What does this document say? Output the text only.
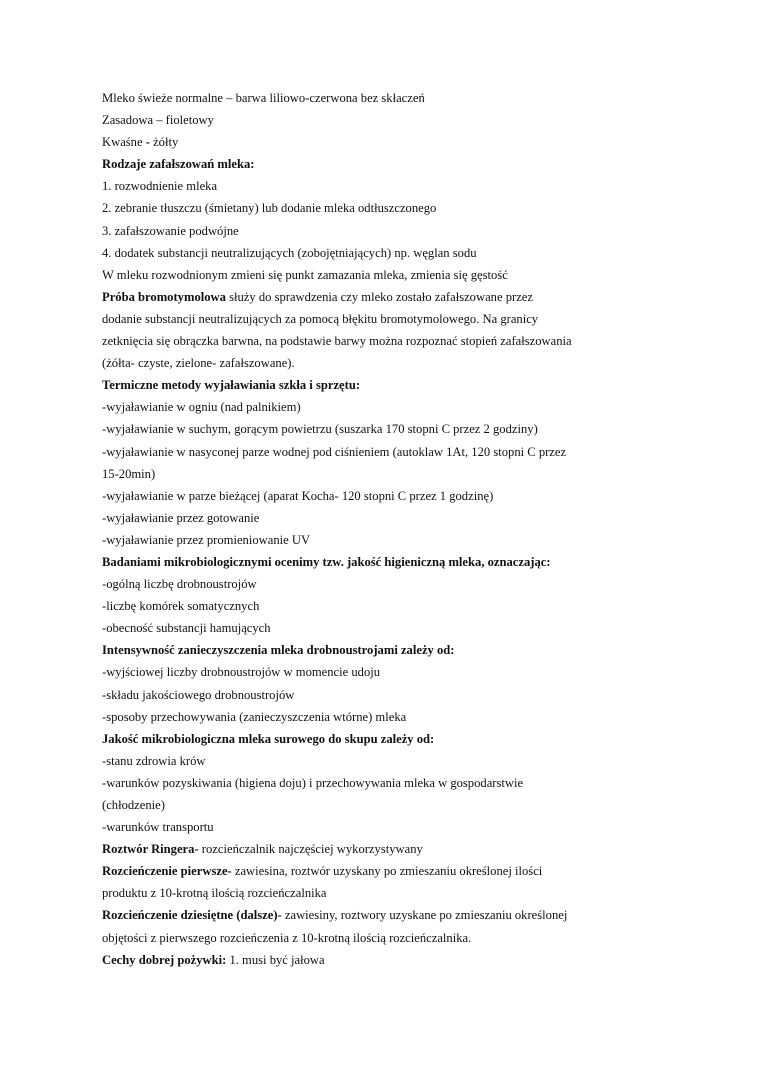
Mleko świeże normalne – barwa liliowo-czerwona bez skłaczeń
Zasadowa – fioletowy
Kwaśne - żółty
Rodzaje zafałszowań mleka:
1. rozwodnienie mleka
2. zebranie tłuszczu (śmietany) lub dodanie mleka odtłuszczonego
3. zafałszowanie podwójne
4. dodatek substancji neutralizujących (zobojętniających) np. węglan sodu
W mleku rozwodnionym zmieni się punkt zamazania mleka, zmienia się gęstość
Próba bromotymolowa służy do sprawdzenia czy mleko zostało zafałszowane przez
dodanie substancji neutralizujących za pomocą błękitu bromotymolowego. Na granicy
zetknięcia się obrączka barwna, na podstawie barwy można rozpoznać stopień zafałszowania
(żółta- czyste, zielone- zafałszowane).
Termiczne metody wyjaławiania szkła i sprzętu:
-wyjaławianie w ogniu (nad palnikiem)
-wyjaławianie w suchym, gorącym powietrzu (suszarka 170 stopni C przez 2 godziny)
-wyjaławianie w nasyconej parze wodnej pod ciśnieniem (autoklaw 1At, 120 stopni C przez
15-20min)
-wyjaławianie w parze bieżącej (aparat Kocha- 120 stopni C przez 1 godzinę)
-wyjaławianie przez gotowanie
-wyjaławianie przez promieniowanie UV
Badaniami mikrobiologicznymi ocenimy tzw. jakość higieniczną mleka, oznaczając:
-ogólną liczbę drobnoustrojów
-liczbę komórek somatycznych
-obecność substancji hamujących
Intensywność zanieczyszczenia mleka drobnoustrojami zależy od:
-wyjściowej liczby drobnoustrojów w momencie udoju
-składu jakościowego drobnoustrojów
-sposoby przechowywania (zanieczyszczenia wtórne) mleka
Jakość mikrobiologiczna mleka surowego do skupu zależy od:
-stanu zdrowia krów
-warunków pozyskiwania (higiena doju) i przechowywania mleka w gospodarstwie
(chłodzenie)
-warunków transportu
Roztwór Ringera- rozcieńczalnik najczęściej wykorzystywany
Rozcieńczenie pierwsze- zawiesina, roztwór uzyskany po zmieszaniu określonej ilości
produktu z 10-krotną ilością rozcieńczalnika
Rozcieńczenie dziesiętne (dalsze)- zawiesiny, roztwory uzyskane po zmieszaniu określonej
objętości z pierwszego rozcieńczenia z 10-krotną ilością rozcieńczalnika.
Cechy dobrej pożywki: 1. musi być jałowa
